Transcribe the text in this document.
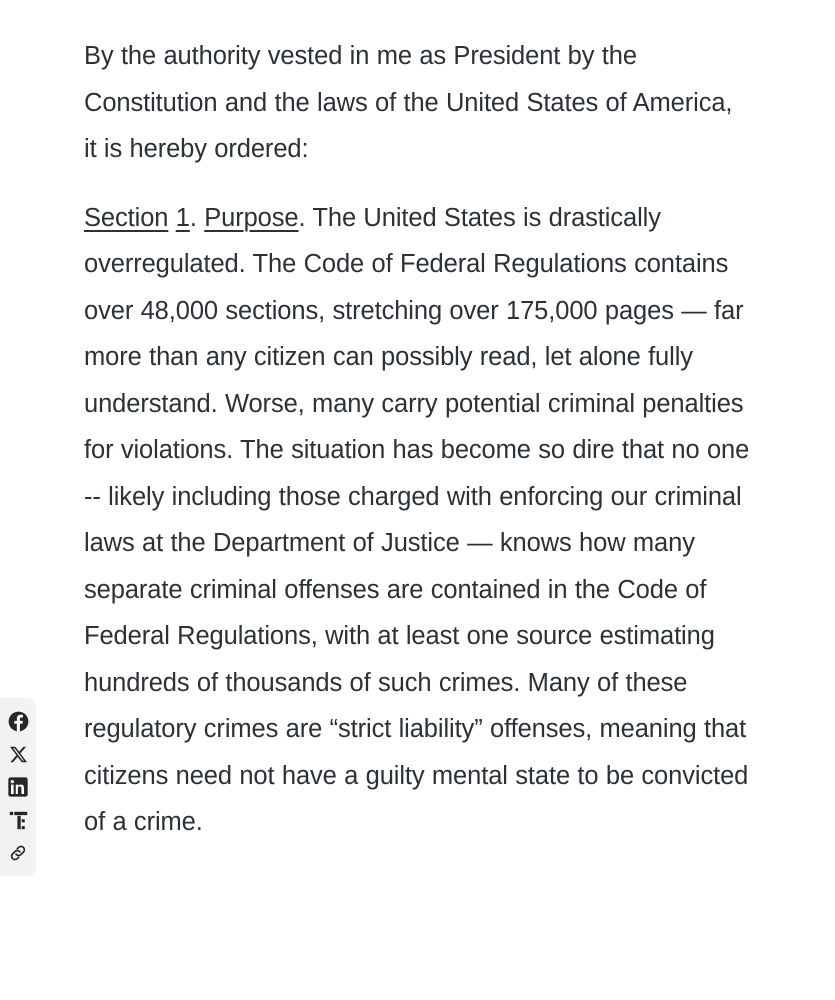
By the authority vested in me as President by the Constitution and the laws of the United States of America, it is hereby ordered:

Section 1. Purpose. The United States is drastically overregulated. The Code of Federal Regulations contains over 48,000 sections, stretching over 175,000 pages — far more than any citizen can possibly read, let alone fully understand. Worse, many carry potential criminal penalties for violations. The situation has become so dire that no one -- likely including those charged with enforcing our criminal laws at the Department of Justice — knows how many separate criminal offenses are contained in the Code of Federal Regulations, with at least one source estimating hundreds of thousands of such crimes. Many of these regulatory crimes are “strict liability” offenses, meaning that citizens need not have a guilty mental state to be convicted of a crime.
